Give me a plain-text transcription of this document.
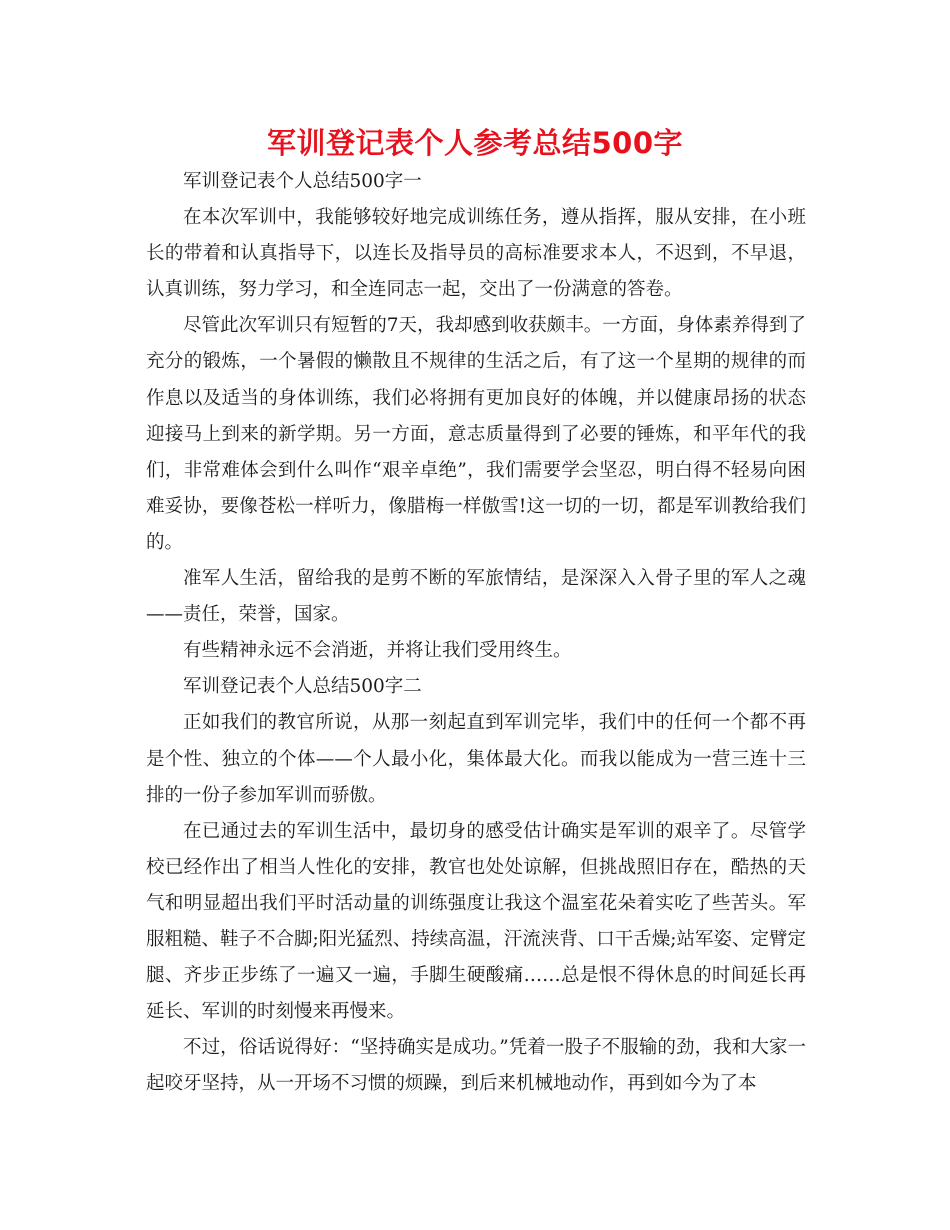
军训登记表个人参考总结500字

军训登记表个人总结500字一

在本次军训中，我能够较好地完成训练任务，遵从指挥，服从安排，在小班长的带着和认真指导下，以连长及指导员的高标准要求本人，不迟到，不早退，认真训练，努力学习，和全连同志一起，交出了一份满意的答卷。

尽管此次军训只有短暂的7天，我却感到收获颇丰。一方面，身体素养得到了充分的锻炼，一个暑假的懒散且不规律的生活之后，有了这一个星期的规律的而作息以及适当的身体训练，我们必将拥有更加良好的体魄，并以健康昂扬的状态迎接马上到来的新学期。另一方面，意志质量得到了必要的锤炼，和平年代的我们，非常难体会到什么叫作“艰辛卓绝”，我们需要学会坚忍，明白得不轻易向困难妥协，要像苍松一样听力，像腊梅一样傲雪!这一切的一切，都是军训教给我们的。

准军人生活，留给我的是剪不断的军旅情结，是深深入入骨子里的军人之魂——责任，荣誉，国家。

有些精神永远不会消逝，并将让我们受用终生。

军训登记表个人总结500字二

正如我们的教官所说，从那一刻起直到军训完毕，我们中的任何一个都不再是个性、独立的个体——个人最小化，集体最大化。而我以能成为一营三连十三排的一份子参加军训而骄傲。

在已通过去的军训生活中，最切身的感受估计确实是军训的艰辛了。尽管学校已经作出了相当人性化的安排，教官也处处谅解，但挑战照旧存在，酷热的天气和明显超出我们平时活动量的训练强度让我这个温室花朵着实吃了些苦头。军服粗糙、鞋子不合脚;阳光猛烈、持续高温，汗流浃背、口干舌燥;站军姿、定臂定腿、齐步正步练了一遍又一遍，手脚生硬酸痛……总是恨不得休息的时间延长再延长、军训的时刻慢来再慢来。

不过，俗话说得好：“坚持确实是成功。”凭着一股子不服输的劲，我和大家一起咬牙坚持，从一开场不习惯的烦躁，到后来机械地动作，再到如今为了本
